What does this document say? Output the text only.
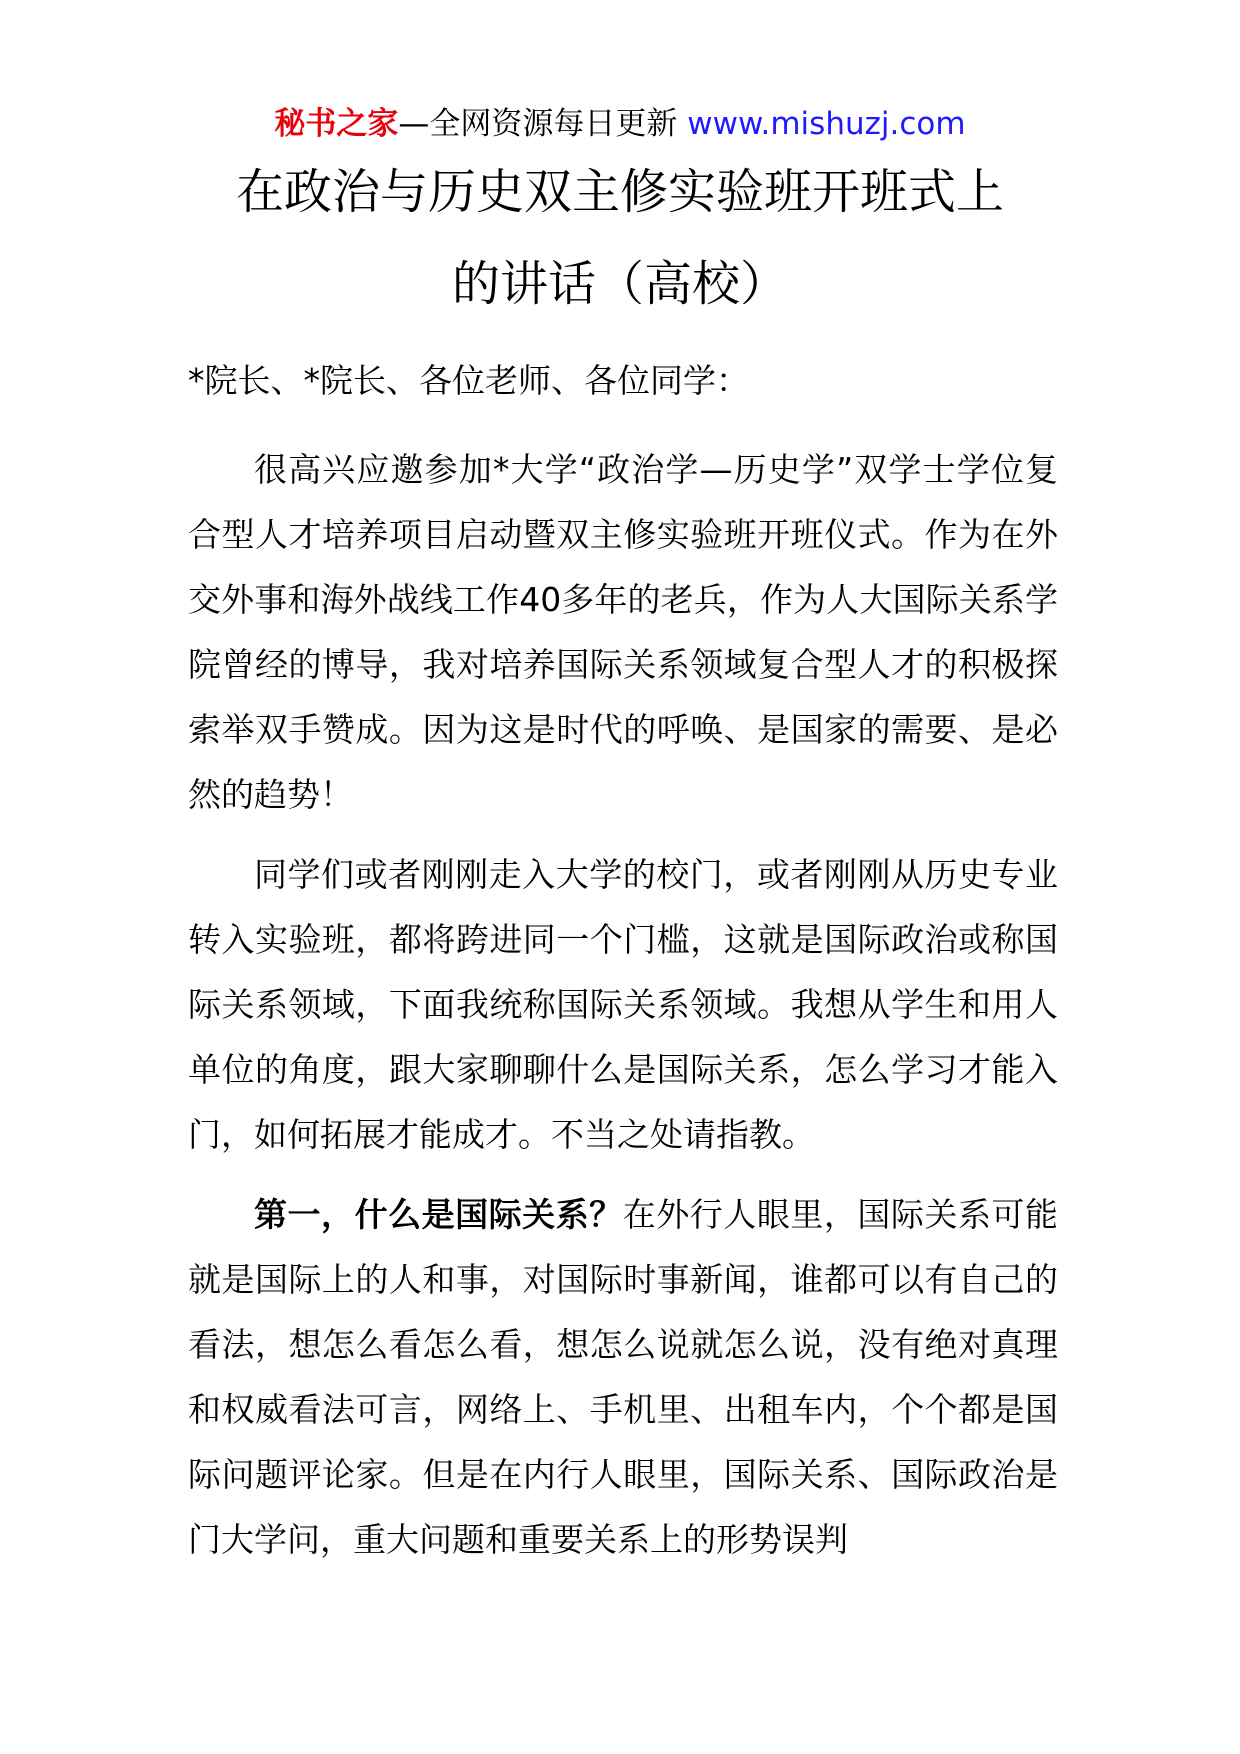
秘书之家—全网资源每日更新 www.mishuzj.com
在政治与历史双主修实验班开班式上
的讲话（高校）
*院长、*院长、各位老师、各位同学：

很高兴应邀参加*大学“政治学—历史学”双学士学位复合型人才培养项目启动暨双主修实验班开班仪式。作为在外交外事和海外战线工作40多年的老兵，作为人大国际关系学院曾经的博导，我对培养国际关系领域复合型人才的积极探索举双手赞成。因为这是时代的呼唤、是国家的需要、是必然的趋势！

同学们或者刚刚走入大学的校门，或者刚刚从历史专业转入实验班，都将跨进同一个门槛，这就是国际政治或称国际关系领域，下面我统称国际关系领域。我想从学生和用人单位的角度，跟大家聊聊什么是国际关系，怎么学习才能入门，如何拓展才能成才。不当之处请指教。

第一，什么是国际关系？在外行人眼里，国际关系可能就是国际上的人和事，对国际时事新闻，谁都可以有自己的看法，想怎么看怎么看，想怎么说就怎么说，没有绝对真理和权威看法可言，网络上、手机里、出租车内，个个都是国际问题评论家。但是在内行人眼里，国际关系、国际政治是门大学问，重大问题和重要关系上的形势误判
